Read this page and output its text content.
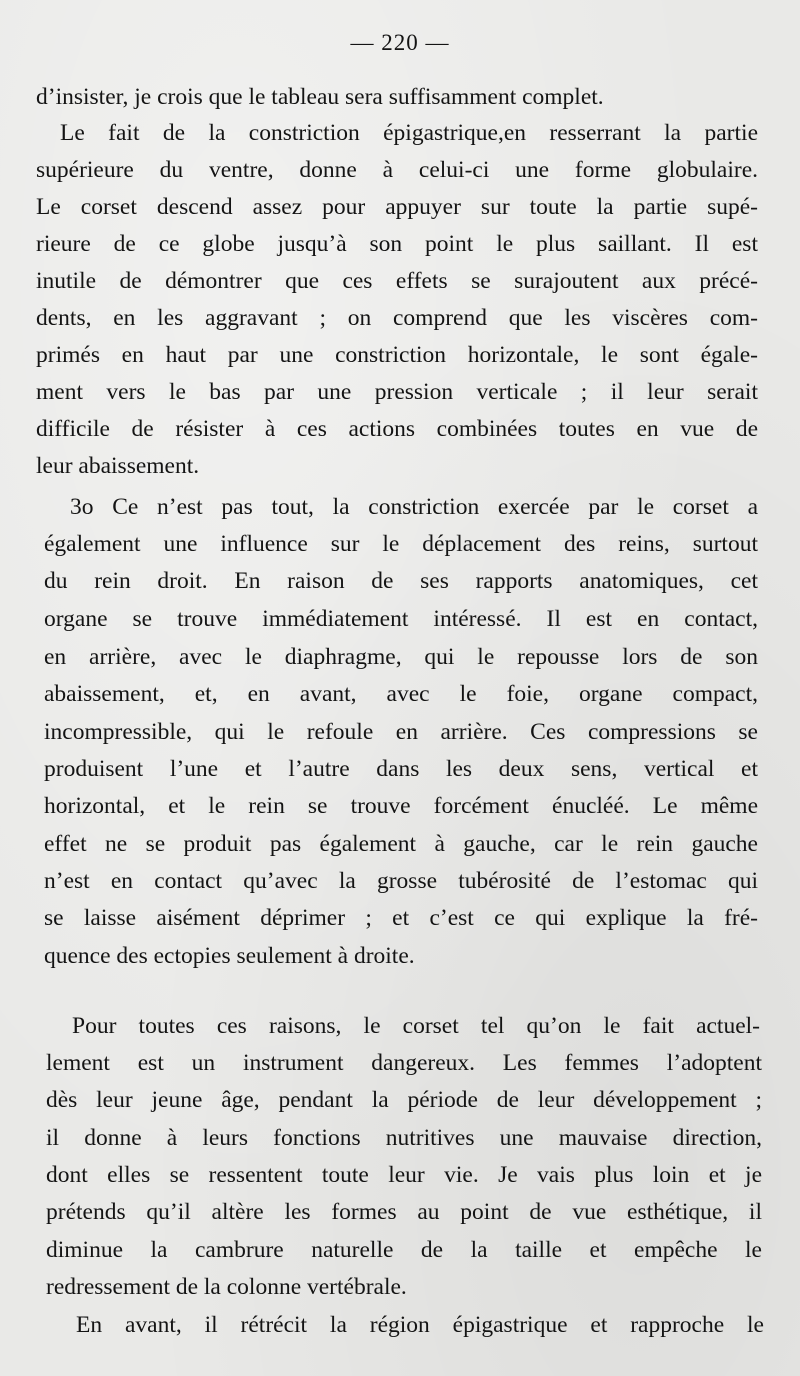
— 220 —
d’insister, je crois que le tableau sera suffisamment complet.
Le fait de la constriction épigastrique,en resserrant la partie
supérieure du ventre, donne à celui-ci une forme globulaire.
Le corset descend assez pour appuyer sur toute la partie supé-
rieure de ce globe jusqu’à son point le plus saillant. Il est
inutile de démontrer que ces effets se surajoutent aux précé-
dents, en les aggravant ; on comprend que les viscères com-
primés en haut par une constriction horizontale, le sont égale-
ment vers le bas par une pression verticale ; il leur serait
difficile de résister à ces actions combinées toutes en vue de
leur abaissement.
3o Ce n’est pas tout, la constriction exercée par le corset a
également une influence sur le déplacement des reins, surtout
du rein droit. En raison de ses rapports anatomiques, cet
organe se trouve immédiatement intéressé. Il est en contact,
en arrière, avec le diaphragme, qui le repousse lors de son
abaissement, et, en avant, avec le foie, organe compact,
incompressible, qui le refoule en arrière. Ces compressions se
produisent l’une et l’autre dans les deux sens, vertical et
horizontal, et le rein se trouve forcément énucléé. Le même
effet ne se produit pas également à gauche, car le rein gauche
n’est en contact qu’avec la grosse tubérosité de l’estomac qui
se laisse aisément déprimer ; et c’est ce qui explique la fré-
quence des ectopies seulement à droite.
Pour toutes ces raisons, le corset tel qu’on le fait actuel-
lement est un instrument dangereux. Les femmes l’adoptent
dès leur jeune âge, pendant la période de leur développement ;
il donne à leurs fonctions nutritives une mauvaise direction,
dont elles se ressentent toute leur vie. Je vais plus loin et je
prétends qu’il altère les formes au point de vue esthétique, il
diminue la cambrure naturelle de la taille et empêche le
redressement de la colonne vertébrale.
En avant, il rétrécit la région épigastrique et rapproche le
